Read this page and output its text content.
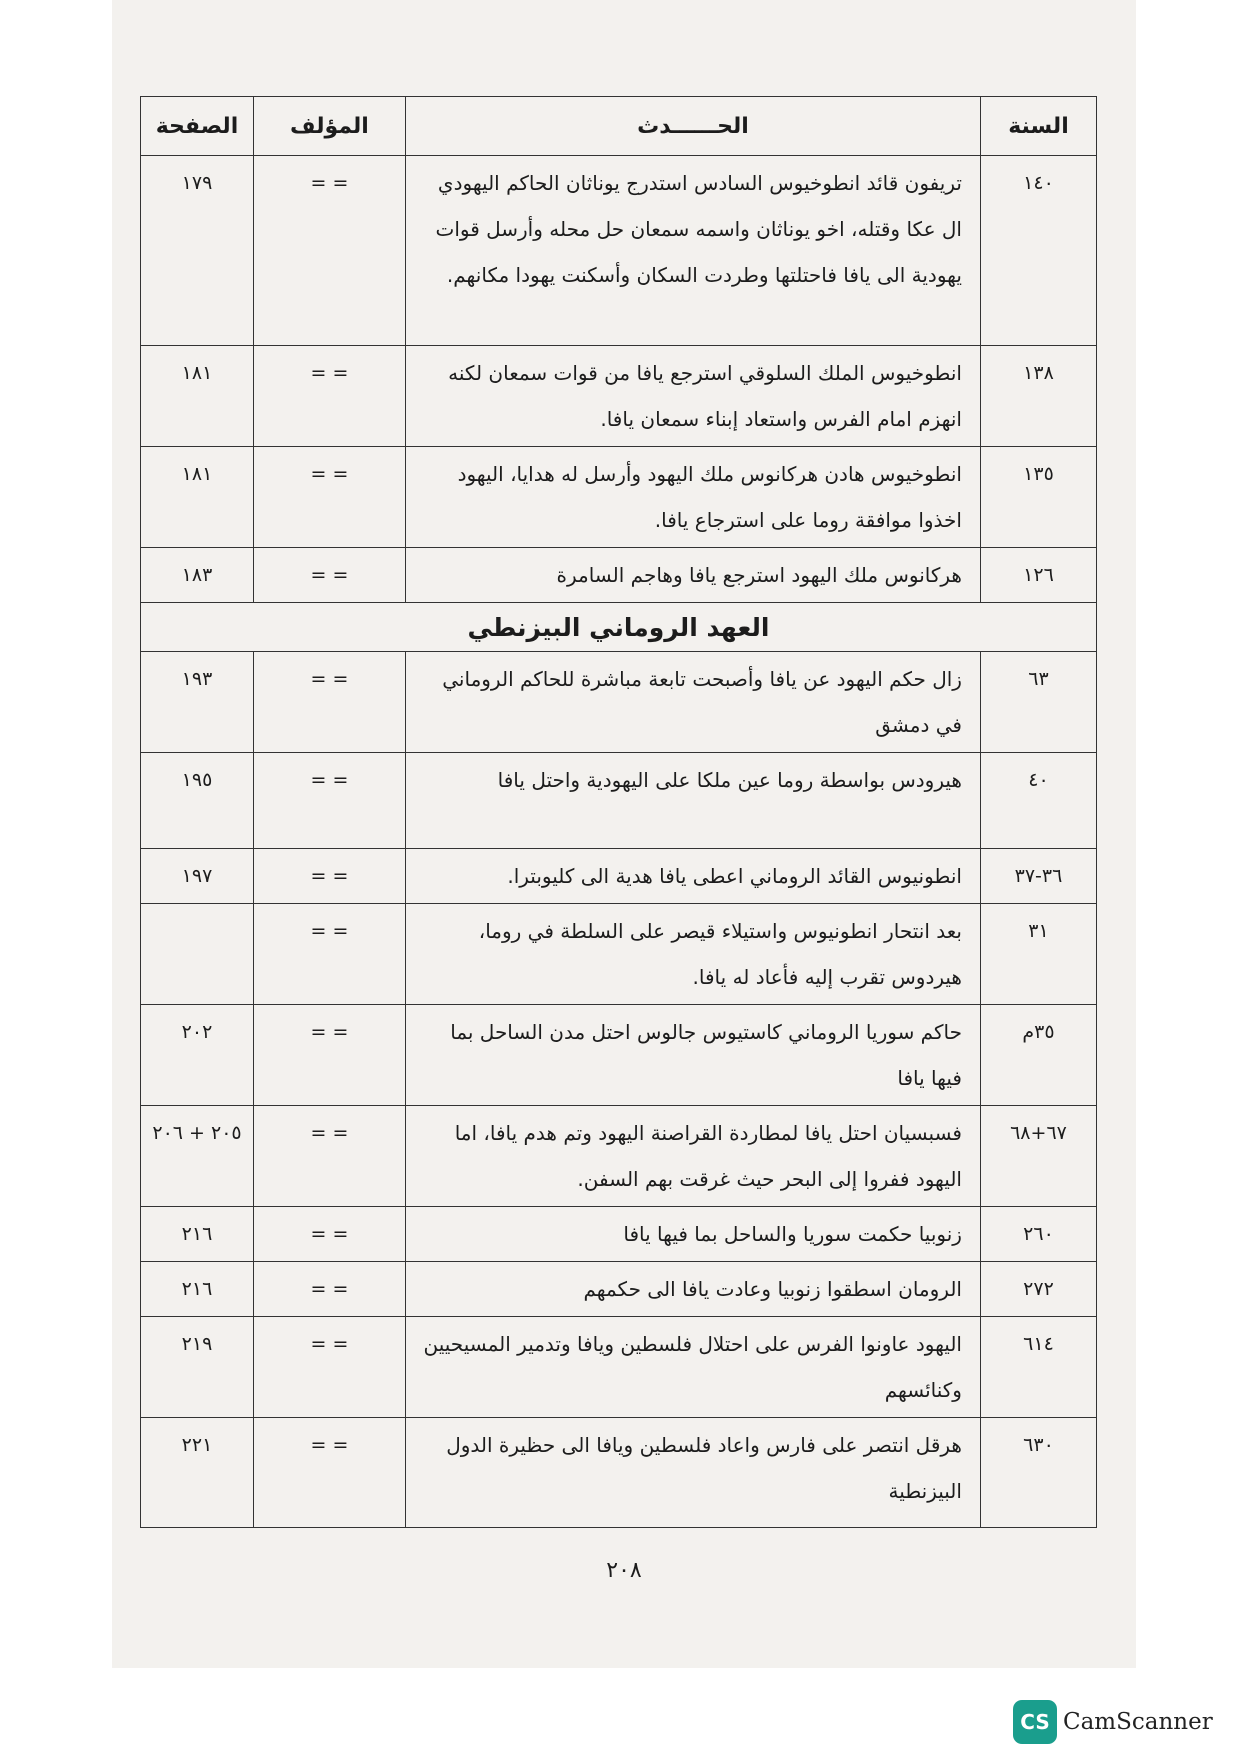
السنة	الحــــــدث	المؤلف	الصفحة
١٤٠	تريفون قائد انطوخيوس السادس استدرج يوناثان الحاكم اليهودي ال عكا وقتله، اخو يوناثان واسمه سمعان حل محله وأرسل قوات يهودية الى يافا فاحتلتها وطردت السكان وأسكنت يهودا مكانهم.	= =	١٧٩
١٣٨	انطوخيوس الملك السلوقي استرجع يافا من قوات سمعان لكنه انهزم امام الفرس واستعاد إبناء سمعان يافا.	= =	١٨١
١٣٥	انطوخيوس هادن هركانوس ملك اليهود وأرسل له هدايا، اليهود اخذوا موافقة روما على استرجاع يافا.	= =	١٨١
١٢٦	هركانوس ملك اليهود استرجع يافا وهاجم السامرة	= =	١٨٣
العهد الروماني البيزنطي			
٦٣	زال حكم اليهود عن يافا وأصبحت تابعة مباشرة للحاكم الروماني في دمشق	= =	١٩٣
٤٠	هيرودس بواسطة روما عين ملكا على اليهودية واحتل يافا	= =	١٩٥
٣٦-٣٧	انطونيوس القائد الروماني اعطى يافا هدية الى كليوبترا.	= =	١٩٧
٣١	بعد انتحار انطونيوس واستيلاء قيصر على السلطة في روما، هيردوس تقرب إليه فأعاد له يافا.	= =	
٣٥م	حاكم سوريا الروماني كاستيوس جالوس احتل مدن الساحل بما فيها يافا	= =	٢٠٢
٦٧+٦٨	فسبسيان احتل يافا لمطاردة القراصنة اليهود وتم هدم يافا، اما اليهود ففروا إلى البحر حيث غرقت بهم السفن.	= =	٢٠٥ + ٢٠٦
٢٦٠	زنوبيا حكمت سوريا والساحل بما فيها يافا	= =	٢١٦
٢٧٢	الرومان اسطقوا زنوبيا وعادت يافا الى حكمهم	= =	٢١٦
٦١٤	اليهود عاونوا الفرس على احتلال فلسطين ويافا وتدمير المسيحيين وكنائسهم	= =	٢١٩
٦٣٠	هرقل انتصر على فارس واعاد فلسطين ويافا الى حظيرة الدول البيزنطية	= =	٢٢١
٢٠٨
CS CamScanner
